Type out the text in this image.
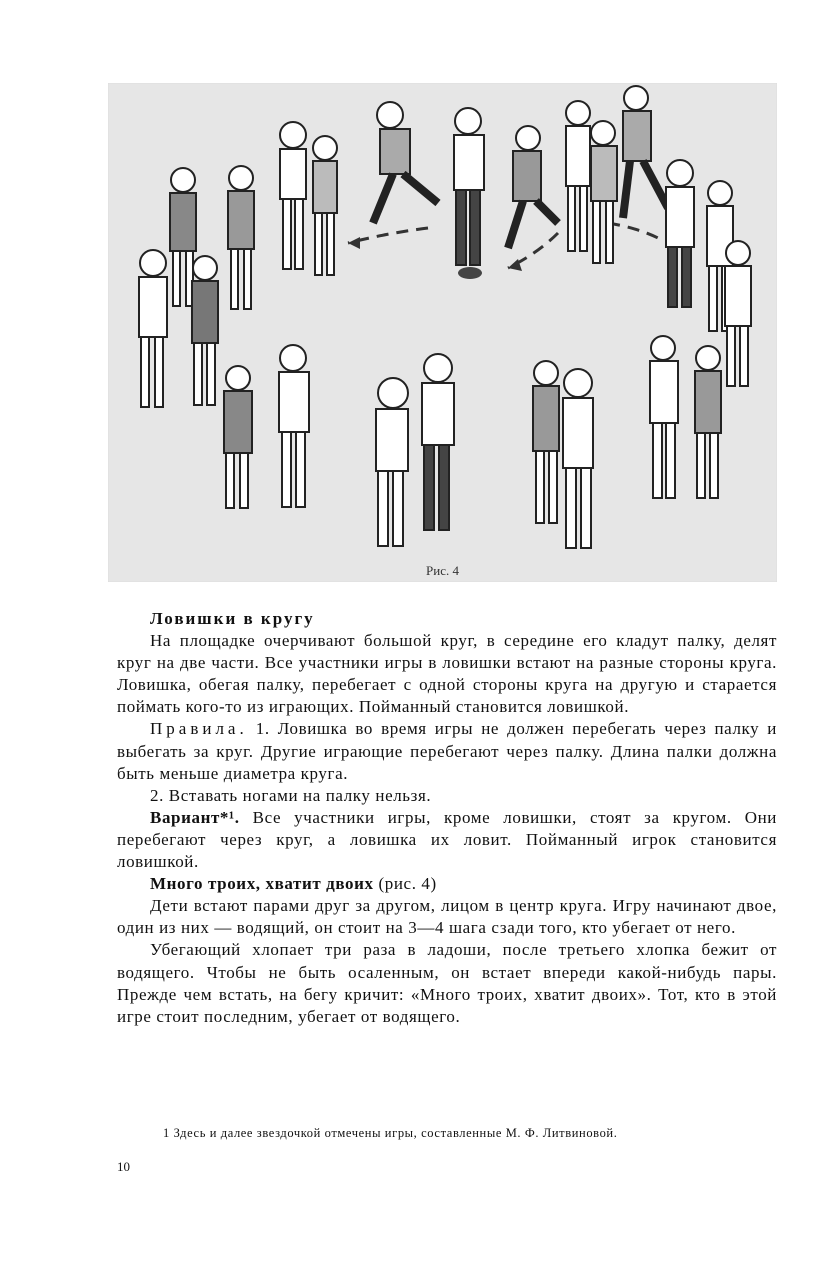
Рис. 4

Ловишки в кругу

На площадке очерчивают большой круг, в середине его кладут палку, делят круг на две части. Все участники игры в ловишки встают на разные стороны круга. Ловишка, обегая палку, перебегает с одной стороны круга на другую и старается поймать кого-то из играющих. Пойманный становится ловишкой.

Правила. 1. Ловишка во время игры не должен перебегать через палку и выбегать за круг. Другие играющие перебегают через палку. Длина палки должна быть меньше диаметра круга.

2. Вставать ногами на палку нельзя.

Вариант*¹. Все участники игры, кроме ловишки, стоят за кругом. Они перебегают через круг, а ловишка их ловит. Пойманный игрок становится ловишкой.

Много троих, хватит двоих (рис. 4)

Дети встают парами друг за другом, лицом в центр круга. Игру начинают двое, один из них — водящий, он стоит на 3—4 шага сзади того, кто убегает от него.

Убегающий хлопает три раза в ладоши, после третьего хлопка бежит от водящего. Чтобы не быть осаленным, он встает впереди какой-нибудь пары. Прежде чем встать, на бегу кричит: «Много троих, хватит двоих». Тот, кто в этой игре стоит последним, убегает от водящего.

1 Здесь и далее звездочкой отмечены игры, составленные М. Ф. Литвиновой.
10
